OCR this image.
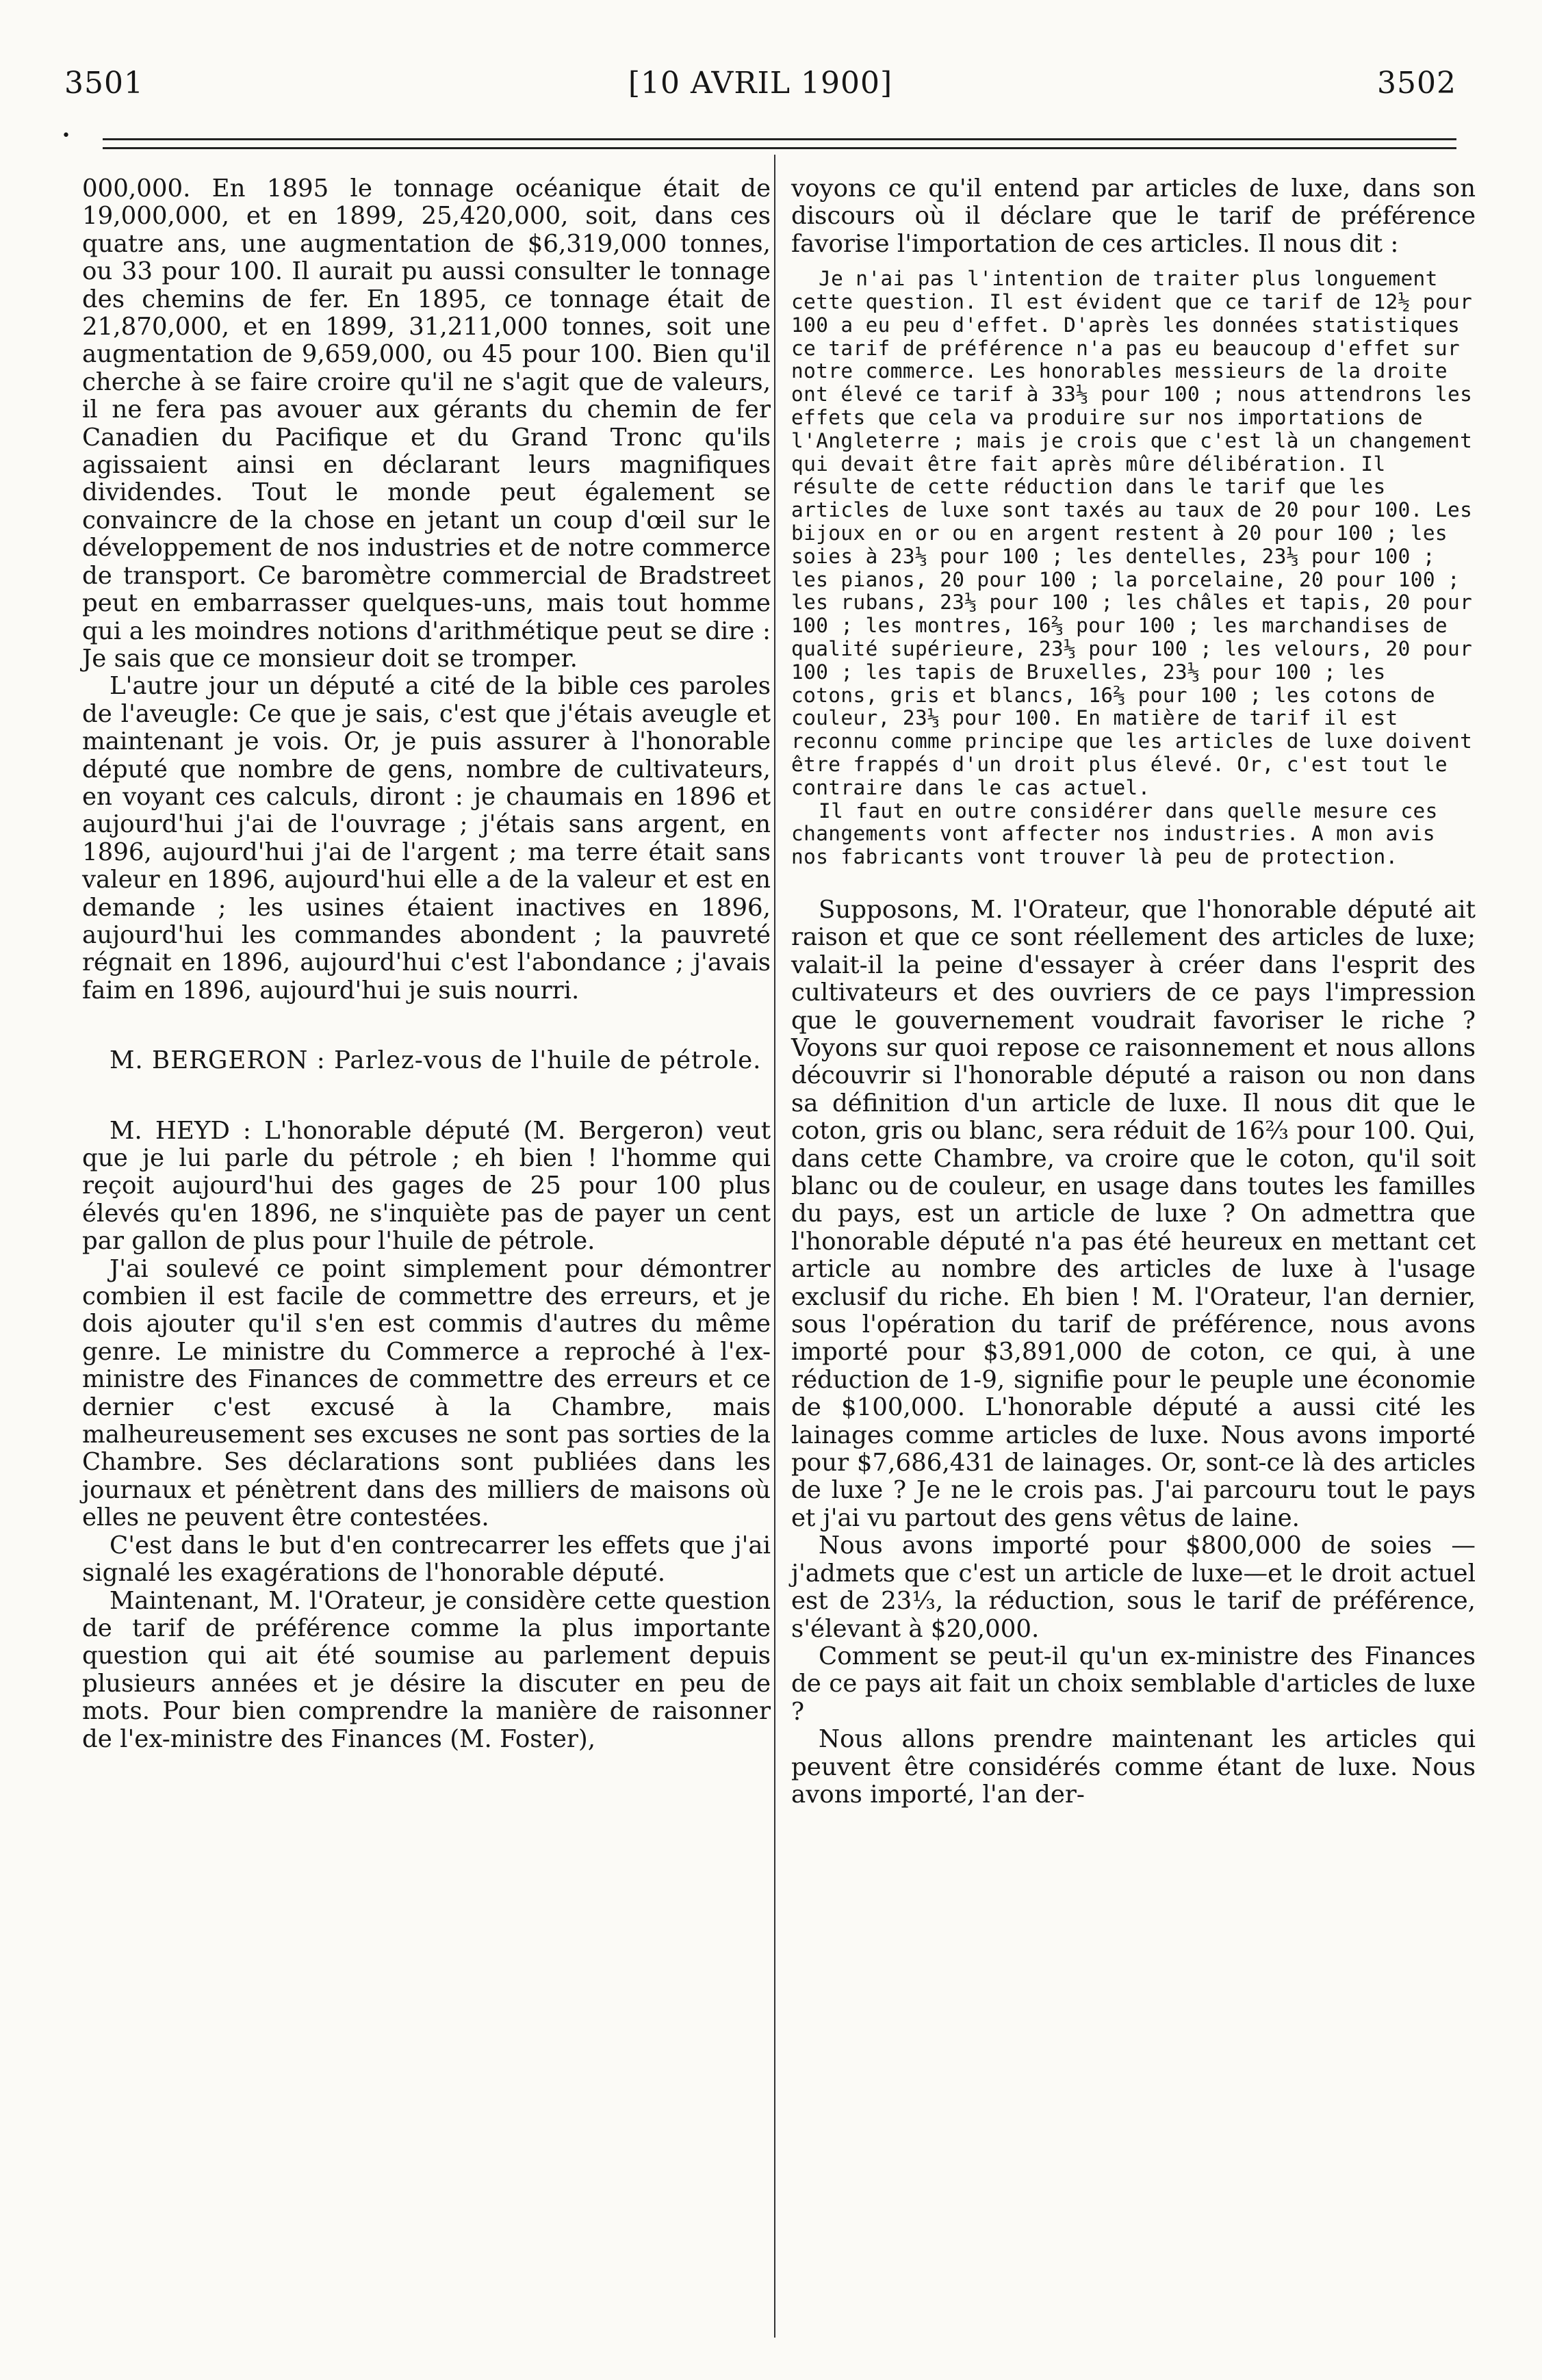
3501	[10 AVRIL 1900]	3502
•

000,000. En 1895 le tonnage océanique était de 19,000,000, et en 1899, 25,420,000, soit, dans ces quatre ans, une augmentation de $6,319,000 tonnes, ou 33 pour 100. Il aurait pu aussi consulter le tonnage des chemins de fer. En 1895, ce tonnage était de 21,870,000, et en 1899, 31,211,000 tonnes, soit une augmentation de 9,659,000, ou 45 pour 100. Bien qu'il cherche à se faire croire qu'il ne s'agit que de valeurs, il ne fera pas avouer aux gérants du chemin de fer Canadien du Pacifique et du Grand Tronc qu'ils agissaient ainsi en déclarant leurs magnifiques dividendes. Tout le monde peut également se convaincre de la chose en jetant un coup d'œil sur le développement de nos industries et de notre commerce de transport. Ce baromètre commercial de Bradstreet peut en embarrasser quelques-uns, mais tout homme qui a les moindres notions d'arithmétique peut se dire : Je sais que ce monsieur doit se tromper.

L'autre jour un député a cité de la bible ces paroles de l'aveugle: Ce que je sais, c'est que j'étais aveugle et maintenant je vois. Or, je puis assurer à l'honorable député que nombre de gens, nombre de cultivateurs, en voyant ces calculs, diront : je chaumais en 1896 et aujourd'hui j'ai de l'ouvrage ; j'étais sans argent, en 1896, aujourd'hui j'ai de l'argent ; ma terre était sans valeur en 1896, aujourd'hui elle a de la valeur et est en demande ; les usines étaient inactives en 1896, aujourd'hui les commandes abondent ; la pauvreté régnait en 1896, aujourd'hui c'est l'abondance ; j'avais faim en 1896, aujourd'hui je suis nourri.

M. BERGERON : Parlez-vous de l'huile de pétrole.

M. HEYD : L'honorable député (M. Bergeron) veut que je lui parle du pétrole ; eh bien ! l'homme qui reçoit aujourd'hui des gages de 25 pour 100 plus élevés qu'en 1896, ne s'inquiète pas de payer un cent par gallon de plus pour l'huile de pétrole.

J'ai soulevé ce point simplement pour démontrer combien il est facile de commettre des erreurs, et je dois ajouter qu'il s'en est commis d'autres du même genre. Le ministre du Commerce a reproché à l'ex-ministre des Finances de commettre des erreurs et ce dernier c'est excusé à la Chambre, mais malheureusement ses excuses ne sont pas sorties de la Chambre. Ses déclarations sont publiées dans les journaux et pénètrent dans des milliers de maisons où elles ne peuvent être contestées.

C'est dans le but d'en contrecarrer les effets que j'ai signalé les exagérations de l'honorable député.

Maintenant, M. l'Orateur, je considère cette question de tarif de préférence comme la plus importante question qui ait été soumise au parlement depuis plusieurs années et je désire la discuter en peu de mots. Pour bien comprendre la manière de raisonner de l'ex-ministre des Finances (M. Foster),

voyons ce qu'il entend par articles de luxe, dans son discours où il déclare que le tarif de préférence favorise l'importation de ces articles. Il nous dit :

Je n'ai pas l'intention de traiter plus longuement cette question. Il est évident que ce tarif de 12½ pour 100 a eu peu d'effet. D'après les données statistiques ce tarif de préférence n'a pas eu beaucoup d'effet sur notre commerce. Les honorables messieurs de la droite ont élevé ce tarif à 33⅓ pour 100 ; nous attendrons les effets que cela va produire sur nos importations de l'Angleterre ; mais je crois que c'est là un changement qui devait être fait après mûre délibération. Il résulte de cette réduction dans le tarif que les articles de luxe sont taxés au taux de 20 pour 100. Les bijoux en or ou en argent restent à 20 pour 100 ; les soies à 23⅓ pour 100 ; les dentelles, 23⅓ pour 100 ; les pianos, 20 pour 100 ; la porcelaine, 20 pour 100 ; les rubans, 23⅓ pour 100 ; les châles et tapis, 20 pour 100 ; les montres, 16⅔ pour 100 ; les marchandises de qualité supérieure, 23⅓ pour 100 ; les velours, 20 pour 100 ; les tapis de Bruxelles, 23⅓ pour 100 ; les cotons, gris et blancs, 16⅔ pour 100 ; les cotons de couleur, 23⅓ pour 100. En matière de tarif il est reconnu comme principe que les articles de luxe doivent être frappés d'un droit plus élevé. Or, c'est tout le contraire dans le cas actuel.

Il faut en outre considérer dans quelle mesure ces changements vont affecter nos industries. A mon avis nos fabricants vont trouver là peu de protection.

Supposons, M. l'Orateur, que l'honorable député ait raison et que ce sont réellement des articles de luxe; valait-il la peine d'essayer à créer dans l'esprit des cultivateurs et des ouvriers de ce pays l'impression que le gouvernement voudrait favoriser le riche ? Voyons sur quoi repose ce raisonnement et nous allons découvrir si l'honorable député a raison ou non dans sa définition d'un article de luxe. Il nous dit que le coton, gris ou blanc, sera réduit de 16⅔ pour 100. Qui, dans cette Chambre, va croire que le coton, qu'il soit blanc ou de couleur, en usage dans toutes les familles du pays, est un article de luxe ? On admettra que l'honorable député n'a pas été heureux en mettant cet article au nombre des articles de luxe à l'usage exclusif du riche. Eh bien ! M. l'Orateur, l'an dernier, sous l'opération du tarif de préférence, nous avons importé pour $3,891,000 de coton, ce qui, à une réduction de 1-9, signifie pour le peuple une économie de $100,000. L'honorable député a aussi cité les lainages comme articles de luxe. Nous avons importé pour $7,686,431 de lainages. Or, sont-ce là des articles de luxe ? Je ne le crois pas. J'ai parcouru tout le pays et j'ai vu partout des gens vêtus de laine.

Nous avons importé pour $800,000 de soies —j'admets que c'est un article de luxe—et le droit actuel est de 23⅓, la réduction, sous le tarif de préférence, s'élevant à $20,000.

Comment se peut-il qu'un ex-ministre des Finances de ce pays ait fait un choix semblable d'articles de luxe ?

Nous allons prendre maintenant les articles qui peuvent être considérés comme étant de luxe. Nous avons importé, l'an der-
